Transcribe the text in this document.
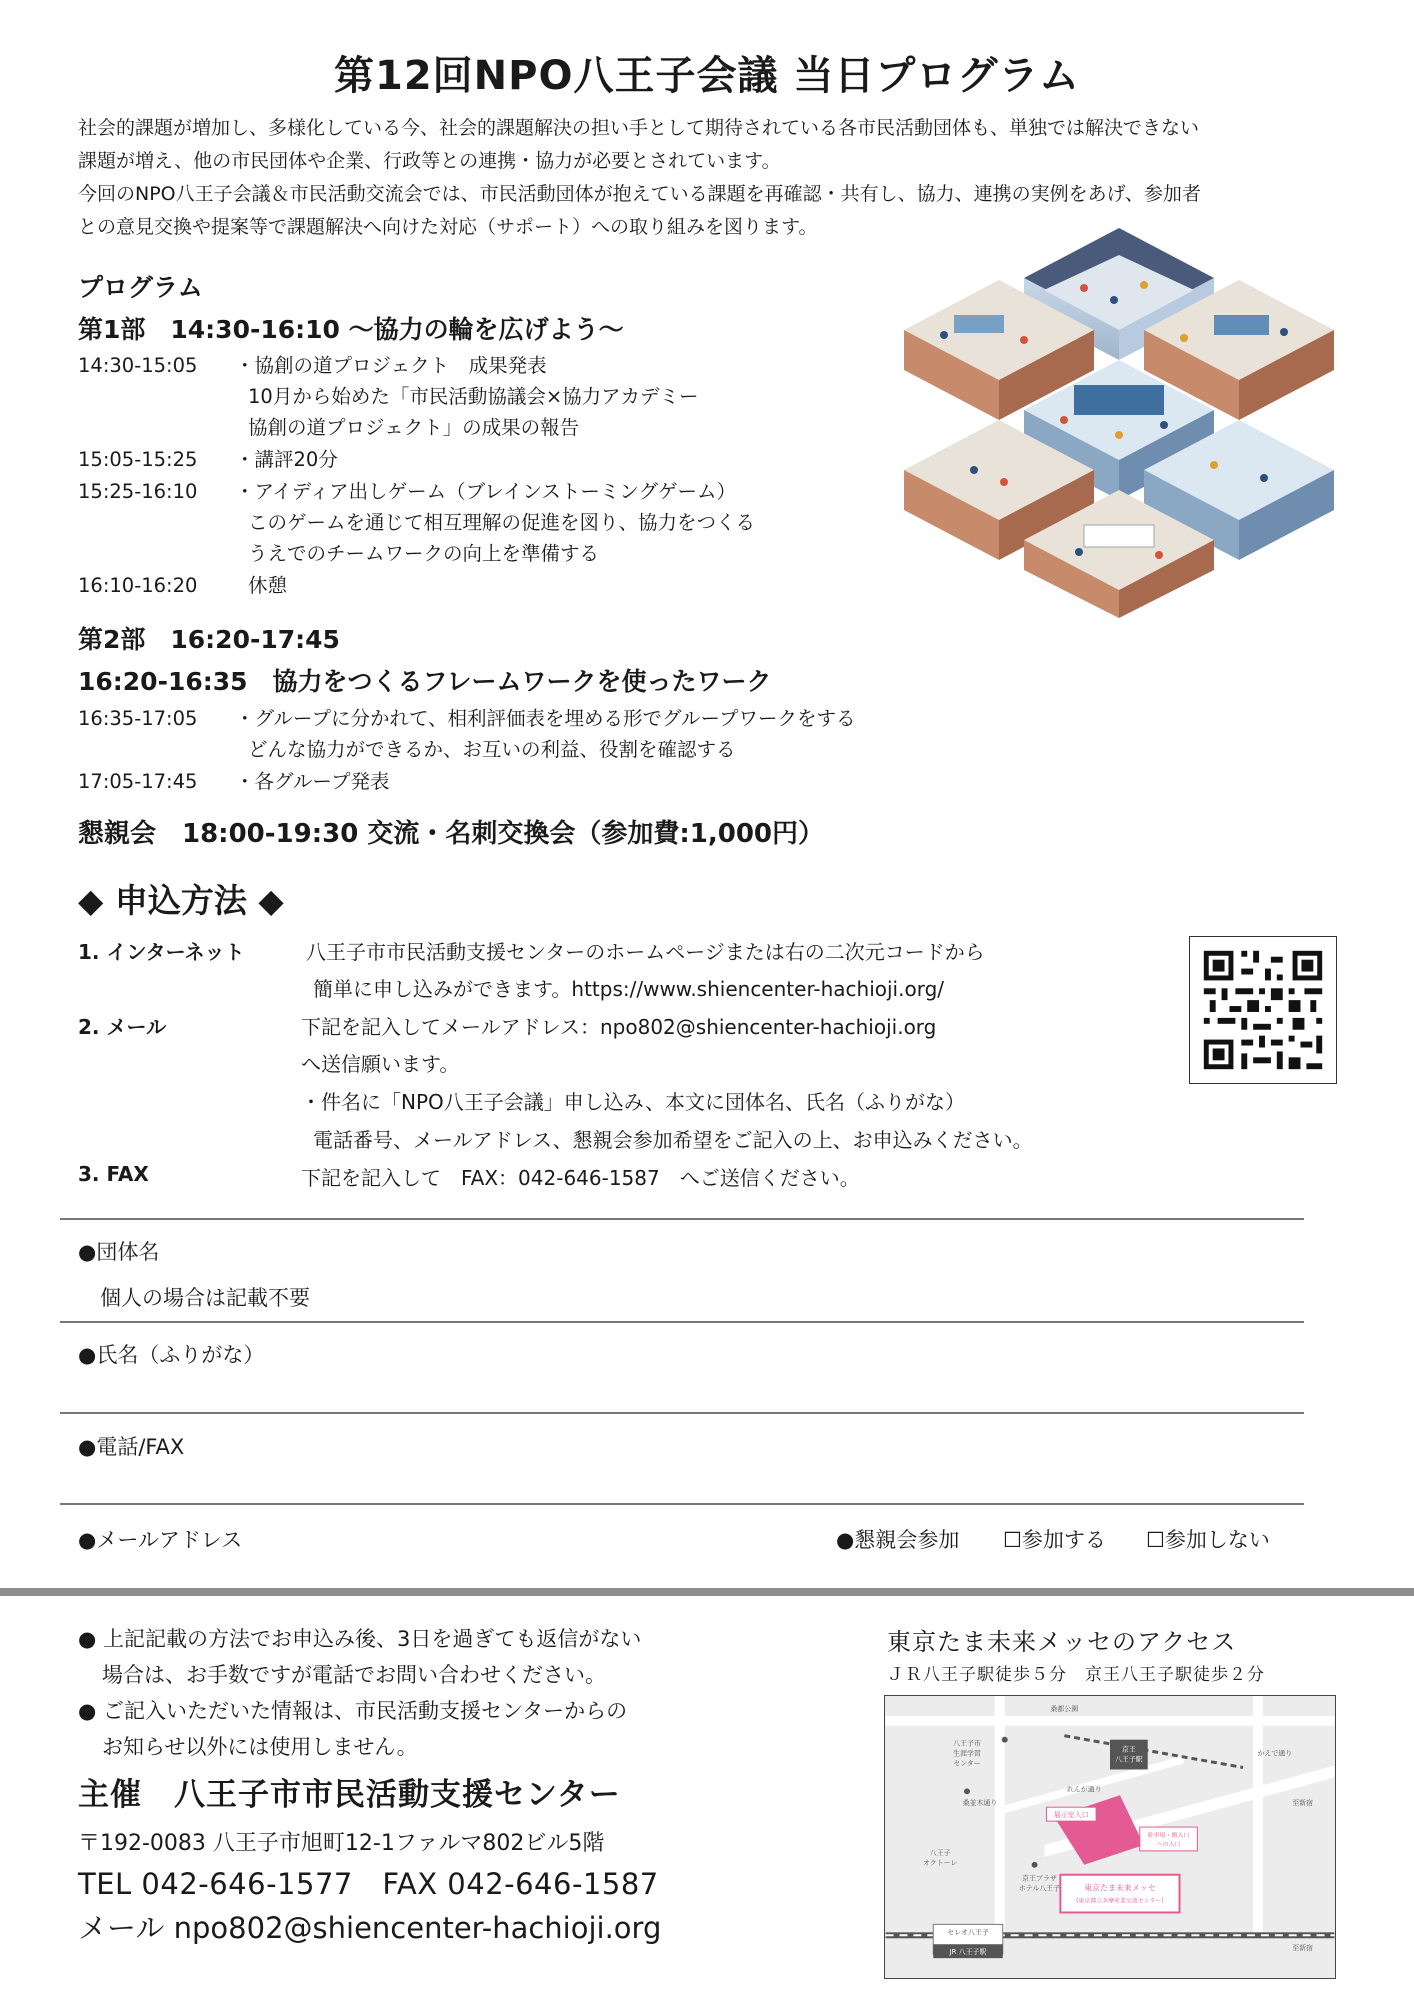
第12回NPO八王子会議 当日プログラム

社会的課題が増加し、多様化している今、社会的課題解決の担い手として期待されている各市民活動団体も、単独では解決できない

課題が増え、他の市民団体や企業、行政等との連携・協力が必要とされています。

今回のNPO八王子会議＆市民活動交流会では、市民活動団体が抱えている課題を再確認・共有し、協力、連携の実例をあげ、参加者

との意見交換や提案等で課題解決へ向けた対応（サポート）への取り組みを図ります。

プログラム
第1部　14:30-16:10 ～協力の輪を広げよう～
14:30-15:05 ・協創の道プロジェクト　成果発表
10月から始めた「市民活動協議会×協力アカデミー
協創の道プロジェクト」の成果の報告
15:05-15:25 ・講評20分
15:25-16:10 ・アイディア出しゲーム（ブレインストーミングゲーム）
このゲームを通じて相互理解の促進を図り、協力をつくる
うえでのチームワークの向上を準備する
16:10-16:20	休憩
第2部　16:20-17:45
16:20-16:35　協力をつくるフレームワークを使ったワーク
16:35-17:05 ・グループに分かれて、相利評価表を埋める形でグループワークをする
どんな協力ができるか、お互いの利益、役割を確認する
17:05-17:45 ・各グループ発表
懇親会　18:00-19:30 交流・名刺交換会（参加費:1,000円）
◆ 申込方法 ◆
1. インターネット	八王子市市民活動支援センターのホームページまたは右の二次元コードから
簡単に申し込みができます。https://www.shiencenter-hachioji.org/
2. メール	下記を記入してメールアドレス：npo802@shiencenter-hachioji.org
へ送信願います。
・件名に「NPO八王子会議」申し込み、本文に団体名、氏名（ふりがな）
電話番号、メールアドレス、懇親会参加希望をご記入の上、お申込みください。
3. FAX	下記を記入して　FAX：042-646-1587　へご送信ください。
●団体名
個人の場合は記載不要
●氏名（ふりがな）
●電話/FAX
●メールアドレス	●懇親会参加 ☐参加する ☐参加しない
● 上記記載の方法でお申込み後、3日を過ぎても返信がない
場合は、お手数ですが電話でお問い合わせください。
● ご記入いただいた情報は、市民活動支援センターからの
お知らせ以外には使用しません。
主催　八王子市市民活動支援センター
〒192-0083 八王子市旭町12-1ファルマ802ビル5階
TEL 042-646-1577　FAX 042-646-1587
メール npo802@shiencenter-hachioji.org
東京たま未来メッセのアクセス
ＪＲ八王子駅徒歩５分　京王八王子駅徒歩２分
京王
八王子駅
東京たま未来メッセ
(東京都立多摩産業交流センター)
展示室入口
駐車場・搬入口
への入口
セレオ八王子
JR 八王子駅
桑都公園
八王子市
生涯学習
センター
桑並木通り
八王子
オクトーレ
れんが通り
京王プラザ
ホテル八王子
かえで通り
至新宿
至新宿
